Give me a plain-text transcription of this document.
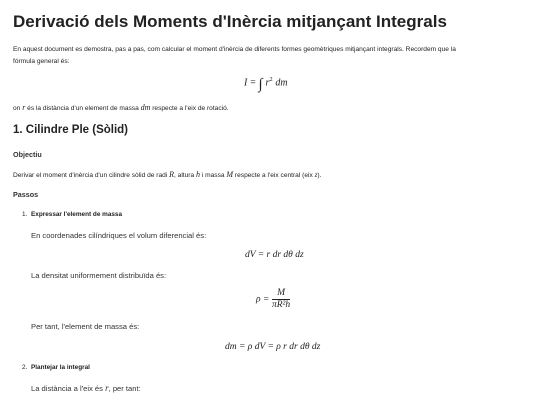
Derivació dels Moments d'Inèrcia mitjançant Integrals
En aquest document es demostra, pas a pas, com calcular el moment d'inèrcia de diferents formes geomètriques mitjançant integrals. Recordem que la
fórmula general és:
I = ∫ $r^2$ dm
on r és la distància d'un element de massa dm respecte a l'eix de rotació.
1. Cilindre Ple (Sòlid)
Objectiu
Derivar el moment d'inèrcia d'un cilindre sòlid de radi R, altura h i massa M respecte a l'eix central (eix z).
Passos
1. Expressar l'element de massa
En coordenades cilíndriques el volum diferencial és:
dV = r dr dθ dz
La densitat uniformement distribuïda és:
$\rho = \frac{M}{\text{πR²h}}$
Per tant, l'element de massa és:
dm = ρ dV = ρ r dr dθ dz
2. Plantejar la integral
La distància a l'eix és r, per tant:
